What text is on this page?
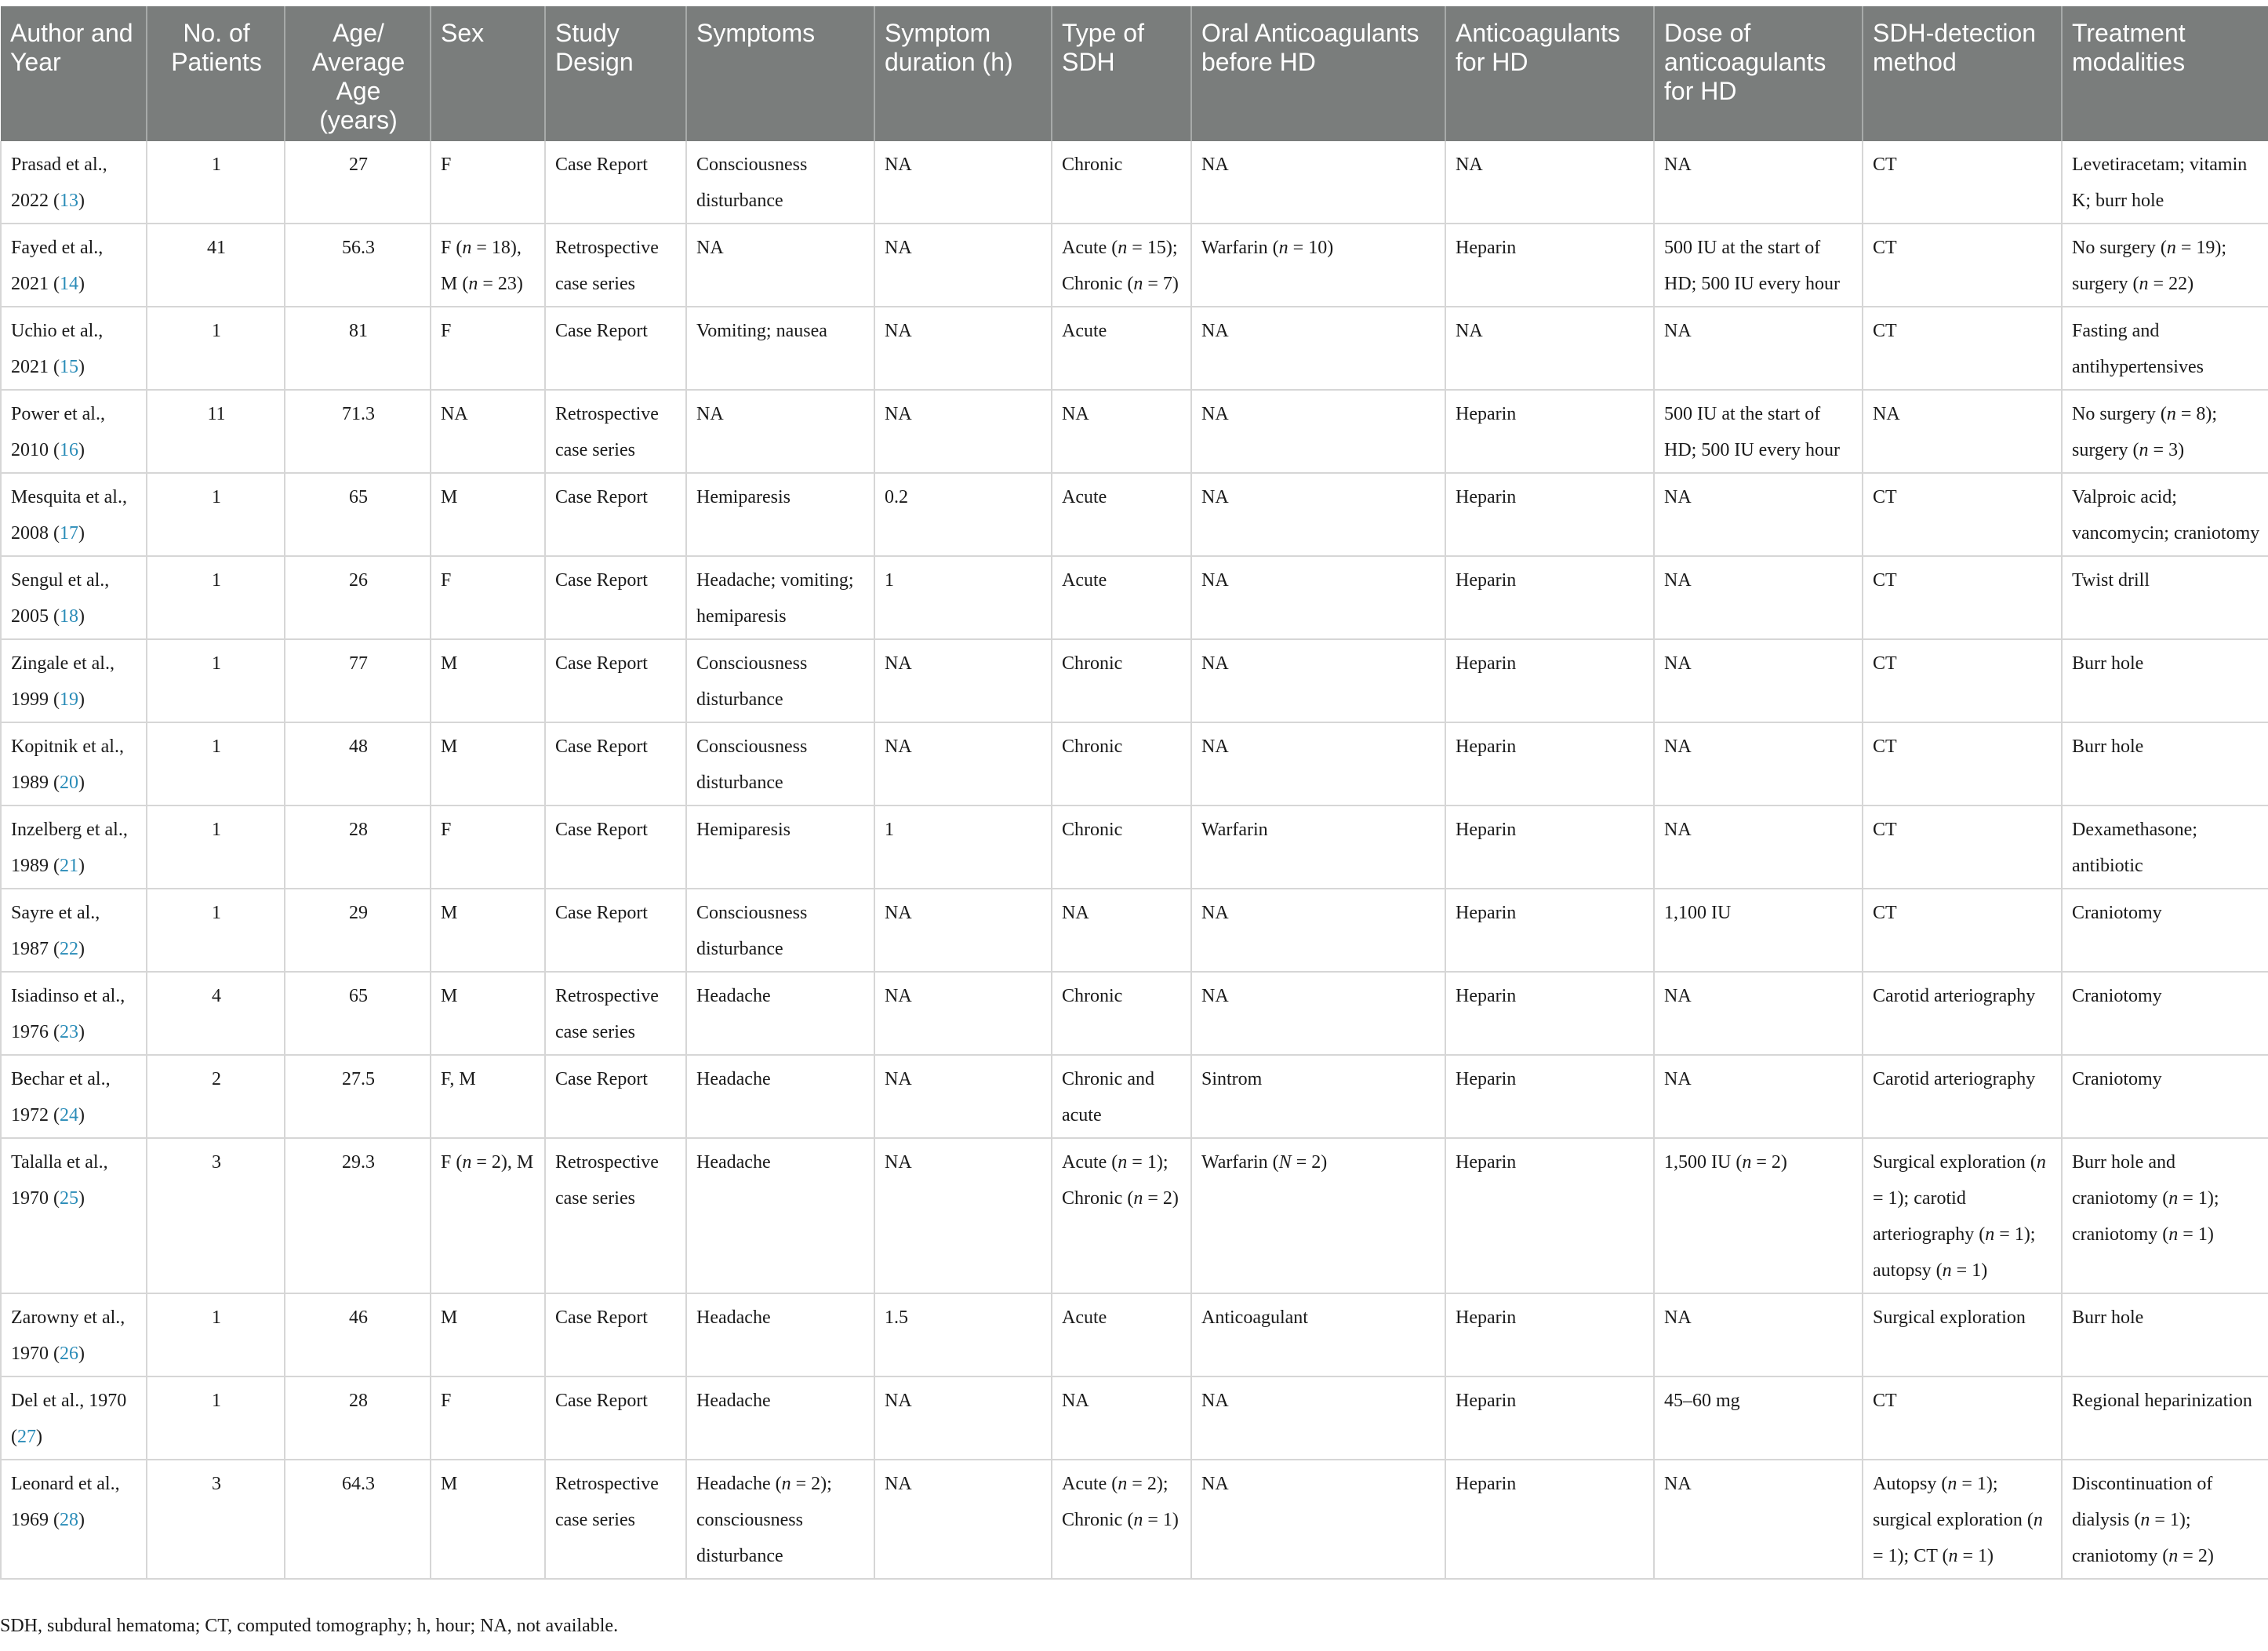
Author and Year	No. of Patients	Age/ Average Age (years)	Sex	Study Design	Symptoms	Symptom duration (h)	Type of SDH	Oral Anticoagulants before HD	Anticoagulants for HD	Dose of anticoagulants for HD	SDH-detection method	Treatment modalities
Prasad et al., 2022 (13)	1	27	F	Case Report	Consciousness disturbance	NA	Chronic	NA	NA	NA	CT	Levetiracetam; vitamin K; burr hole
Fayed et al., 2021 (14)	41	56.3	F (n = 18), M (n = 23)	Retrospective case series	NA	NA	Acute (n = 15); Chronic (n = 7)	Warfarin (n = 10)	Heparin	500 IU at the start of HD; 500 IU every hour	CT	No surgery (n = 19); surgery (n = 22)
Uchio et al., 2021 (15)	1	81	F	Case Report	Vomiting; nausea	NA	Acute	NA	NA	NA	CT	Fasting and antihypertensives
Power et al., 2010 (16)	11	71.3	NA	Retrospective case series	NA	NA	NA	NA	Heparin	500 IU at the start of HD; 500 IU every hour	NA	No surgery (n = 8); surgery (n = 3)
Mesquita et al., 2008 (17)	1	65	M	Case Report	Hemiparesis	0.2	Acute	NA	Heparin	NA	CT	Valproic acid; vancomycin; craniotomy
Sengul et al., 2005 (18)	1	26	F	Case Report	Headache; vomiting; hemiparesis	1	Acute	NA	Heparin	NA	CT	Twist drill
Zingale et al., 1999 (19)	1	77	M	Case Report	Consciousness disturbance	NA	Chronic	NA	Heparin	NA	CT	Burr hole
Kopitnik et al., 1989 (20)	1	48	M	Case Report	Consciousness disturbance	NA	Chronic	NA	Heparin	NA	CT	Burr hole
Inzelberg et al., 1989 (21)	1	28	F	Case Report	Hemiparesis	1	Chronic	Warfarin	Heparin	NA	CT	Dexamethasone; antibiotic
Sayre et al., 1987 (22)	1	29	M	Case Report	Consciousness disturbance	NA	NA	NA	Heparin	1,100 IU	CT	Craniotomy
Isiadinso et al., 1976 (23)	4	65	M	Retrospective case series	Headache	NA	Chronic	NA	Heparin	NA	Carotid arteriography	Craniotomy
Bechar et al., 1972 (24)	2	27.5	F, M	Case Report	Headache	NA	Chronic and acute	Sintrom	Heparin	NA	Carotid arteriography	Craniotomy
Talalla et al., 1970 (25)	3	29.3	F (n = 2), M	Retrospective case series	Headache	NA	Acute (n = 1); Chronic (n = 2)	Warfarin (N = 2)	Heparin	1,500 IU (n = 2)	Surgical exploration (n = 1); carotid arteriography (n = 1); autopsy (n = 1)	Burr hole and craniotomy (n = 1); craniotomy (n = 1)
Zarowny et al., 1970 (26)	1	46	M	Case Report	Headache	1.5	Acute	Anticoagulant	Heparin	NA	Surgical exploration	Burr hole
Del et al., 1970 (27)	1	28	F	Case Report	Headache	NA	NA	NA	Heparin	45–60 mg	CT	Regional heparinization
Leonard et al., 1969 (28)	3	64.3	M	Retrospective case series	Headache (n = 2); consciousness disturbance	NA	Acute (n = 2); Chronic (n = 1)	NA	Heparin	NA	Autopsy (n = 1); surgical exploration (n = 1); CT (n = 1)	Discontinuation of dialysis (n = 1); craniotomy (n = 2)
SDH, subdural hematoma; CT, computed tomography; h, hour; NA, not available.
